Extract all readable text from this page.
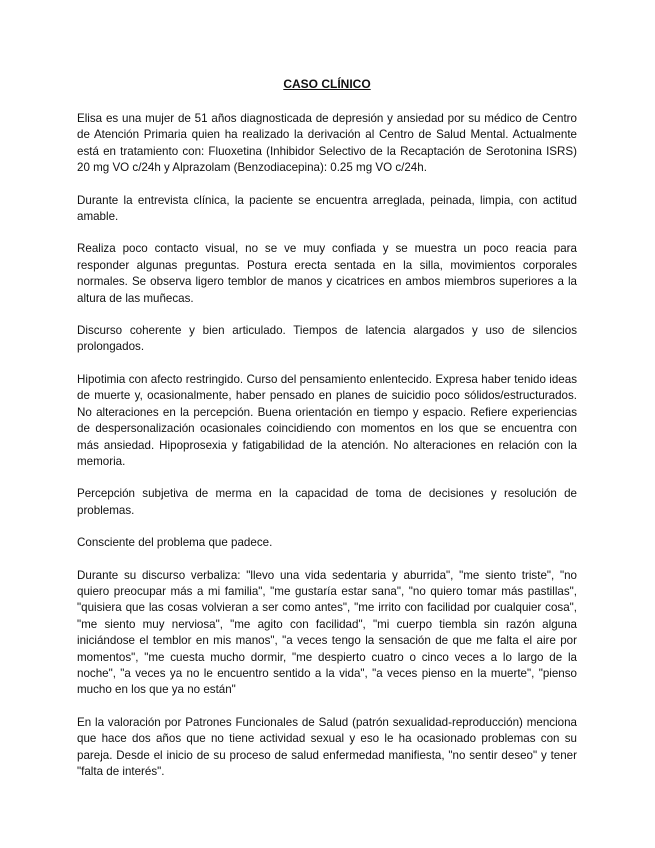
CASO CLÍNICO

Elisa es una mujer de 51 años diagnosticada de depresión y ansiedad por su médico de Centro de Atención Primaria quien ha realizado la derivación al Centro de Salud Mental. Actualmente está en tratamiento con: Fluoxetina (Inhibidor Selectivo de la Recaptación de Serotonina ISRS) 20 mg VO c/24h y Alprazolam (Benzodiacepina): 0.25 mg VO c/24h.

Durante la entrevista clínica, la paciente se encuentra arreglada, peinada, limpia, con actitud amable.

Realiza poco contacto visual, no se ve muy confiada y se muestra un poco reacia para responder algunas preguntas. Postura erecta sentada en la silla, movimientos corporales normales. Se observa ligero temblor de manos y cicatrices en ambos miembros superiores a la altura de las muñecas.

Discurso coherente y bien articulado. Tiempos de latencia alargados y uso de silencios prolongados.

Hipotimia con afecto restringido. Curso del pensamiento enlentecido. Expresa haber tenido ideas de muerte y, ocasionalmente, haber pensado en planes de suicidio poco sólidos/estructurados. No alteraciones en la percepción. Buena orientación en tiempo y espacio. Refiere experiencias de despersonalización ocasionales coincidiendo con momentos en los que se encuentra con más ansiedad. Hipoprosexia y fatigabilidad de la atención. No alteraciones en relación con la memoria.

Percepción subjetiva de merma en la capacidad de toma de decisiones y resolución de problemas.

Consciente del problema que padece.

Durante su discurso verbaliza: "llevo una vida sedentaria y aburrida", "me siento triste", "no quiero preocupar más a mi familia", "me gustaría estar sana", "no quiero tomar más pastillas", "quisiera que las cosas volvieran a ser como antes", "me irrito con facilidad por cualquier cosa", "me siento muy nerviosa", "me agito con facilidad", "mi cuerpo tiembla sin razón alguna iniciándose el temblor en mis manos", "a veces tengo la sensación de que me falta el aire por momentos", "me cuesta mucho dormir, "me despierto cuatro o cinco veces a lo largo de la noche", "a veces ya no le encuentro sentido a la vida", "a veces pienso en la muerte", "pienso mucho en los que ya no están"

En la valoración por Patrones Funcionales de Salud (patrón sexualidad-reproducción) menciona que hace dos años que no tiene actividad sexual y eso le ha ocasionado problemas con su pareja. Desde el inicio de su proceso de salud enfermedad manifiesta, "no sentir deseo" y tener "falta de interés".
